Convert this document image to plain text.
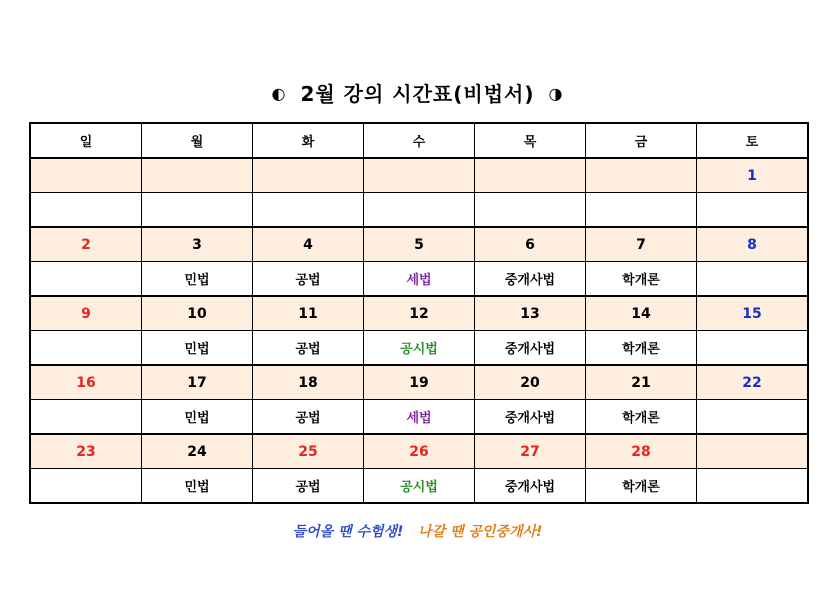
◐ 2월 강의 시간표(비법서) ◑
일	월	화	수	목	금	토
						1

2	3	4	5	6	7	8
	민법	공법	세법	중개사법	학개론	
9	10	11	12	13	14	15
	민법	공법	공시법	중개사법	학개론	
16	17	18	19	20	21	22
	민법	공법	세법	중개사법	학개론	
23	24	25	26	27	28	
	민법	공법	공시법	중개사법	학개론	
들어올 땐 수험생! 나갈 땐 공인중개사!
